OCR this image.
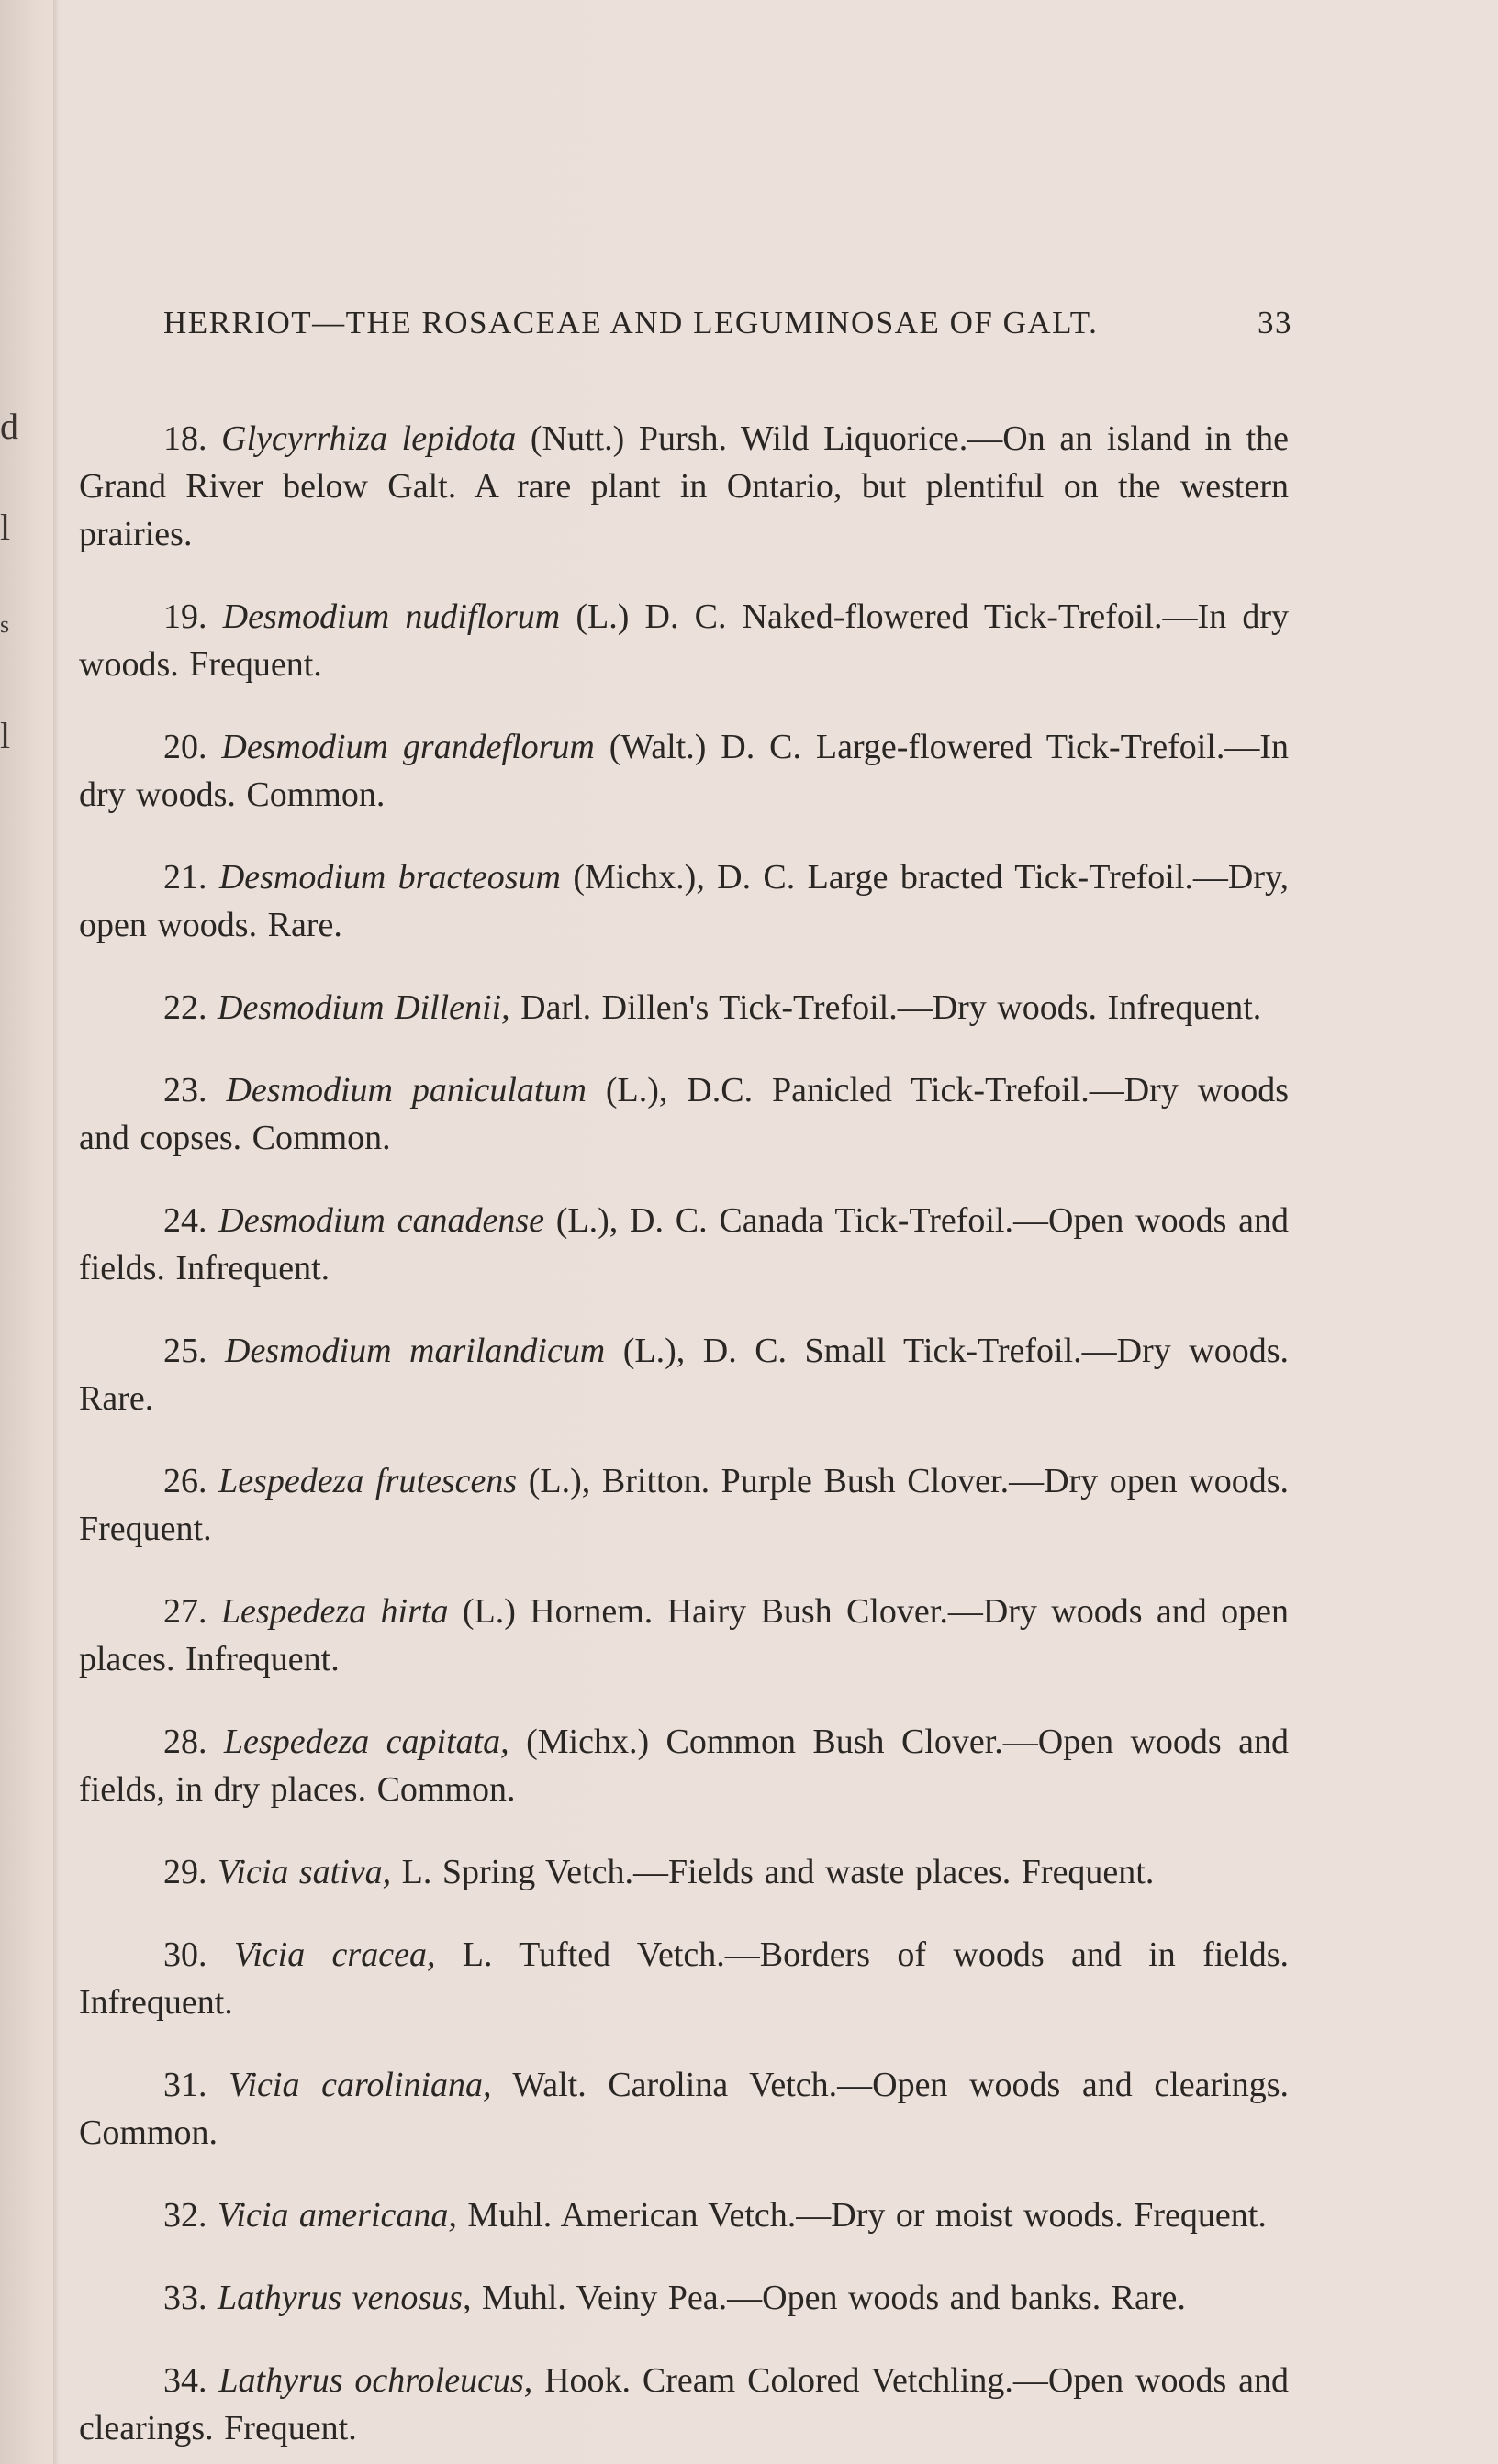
d
l
s
l
HERRIOT—THE ROSACEAE AND LEGUMINOSAE OF GALT.	33

18. Glycyrrhiza lepidota (Nutt.) Pursh. Wild Liquorice.—On an island in the Grand River below Galt. A rare plant in Ontario, but plentiful on the western prairies.

19. Desmodium nudiflorum (L.) D. C. Naked-flowered Tick-Trefoil.—In dry woods. Frequent.

20. Desmodium grandeflorum (Walt.) D. C. Large-flowered Tick-Trefoil.—In dry woods. Common.

21. Desmodium bracteosum (Michx.), D. C. Large bracted Tick-Trefoil.—Dry, open woods. Rare.

22. Desmodium Dillenii, Darl. Dillen's Tick-Trefoil.—Dry woods. Infrequent.

23. Desmodium paniculatum (L.), D.C. Panicled Tick-Trefoil.—Dry woods and copses. Common.

24. Desmodium canadense (L.), D. C. Canada Tick-Trefoil.—Open woods and fields. Infrequent.

25. Desmodium marilandicum (L.), D. C. Small Tick-Trefoil.—Dry woods. Rare.

26. Lespedeza frutescens (L.), Britton. Purple Bush Clover.—Dry open woods. Frequent.

27. Lespedeza hirta (L.) Hornem. Hairy Bush Clover.—Dry woods and open places. Infrequent.

28. Lespedeza capitata, (Michx.) Common Bush Clover.—Open woods and fields, in dry places. Common.

29. Vicia sativa, L. Spring Vetch.—Fields and waste places. Frequent.

30. Vicia cracea, L. Tufted Vetch.—Borders of woods and in fields. Infrequent.

31. Vicia caroliniana, Walt. Carolina Vetch.—Open woods and clearings. Common.

32. Vicia americana, Muhl. American Vetch.—Dry or moist woods. Frequent.

33. Lathyrus venosus, Muhl. Veiny Pea.—Open woods and banks. Rare.

34. Lathyrus ochroleucus, Hook. Cream Colored Vetchling.—Open woods and clearings. Frequent.
